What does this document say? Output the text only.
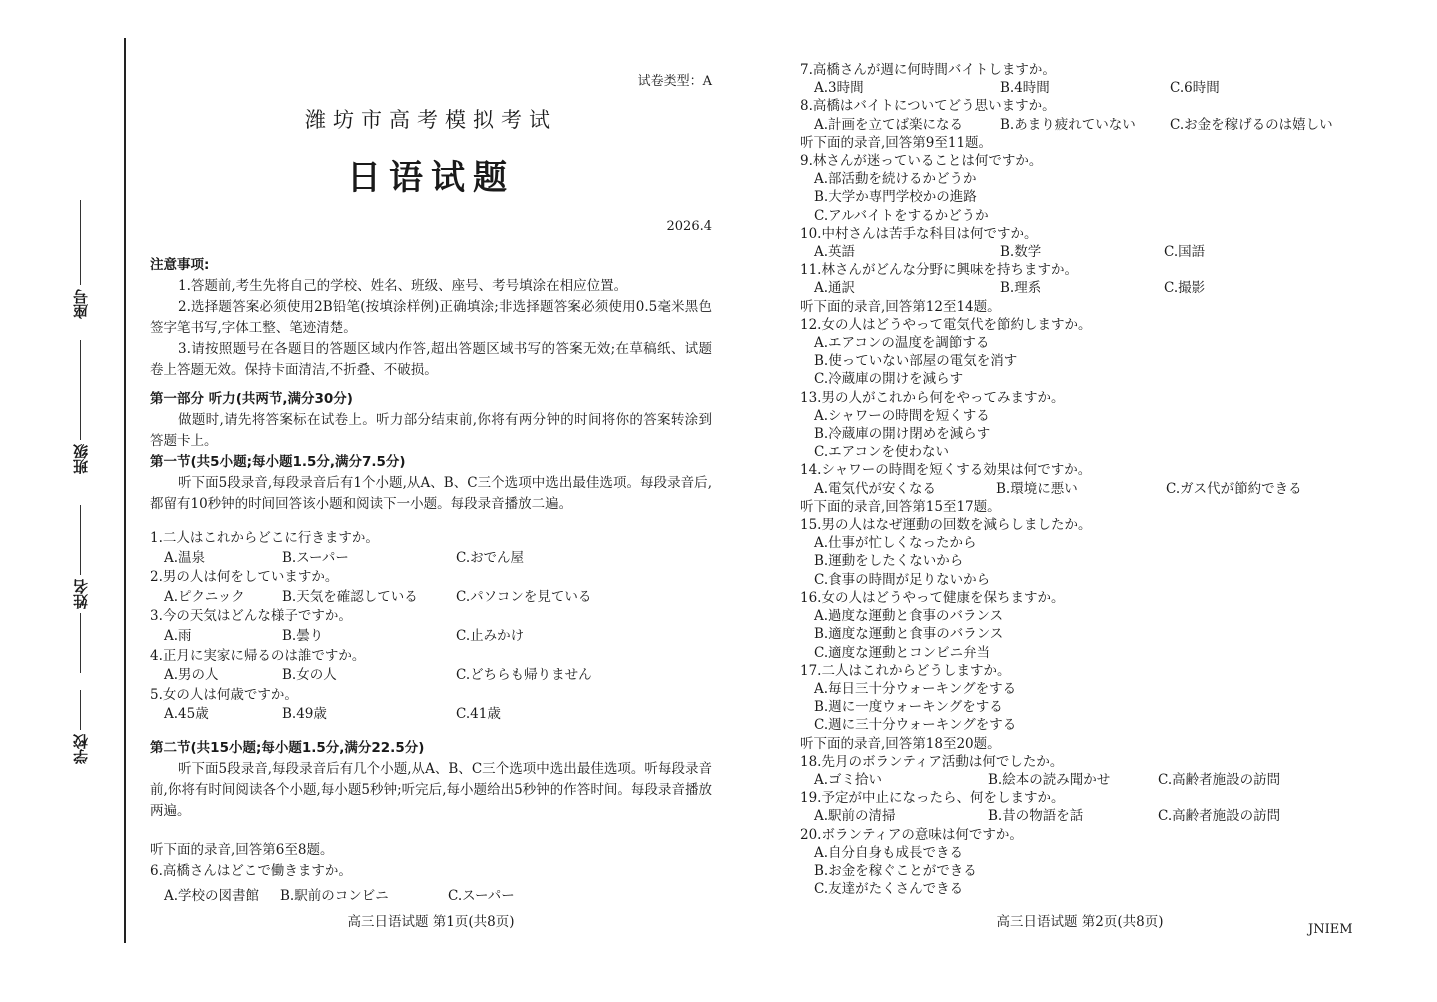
座号
班级
姓名
学校
试卷类型：A
潍坊市高考模拟考试
日语试题
2026.4
注意事项:
1.答题前,考生先将自己的学校、姓名、班级、座号、考号填涂在相应位置。
2.选择题答案必须使用2B铅笔(按填涂样例)正确填涂;非选择题答案必须使用0.5毫米黑色签字笔书写,字体工整、笔迹清楚。
3.请按照题号在各题目的答题区域内作答,超出答题区域书写的答案无效;在草稿纸、试题卷上答题无效。保持卡面清洁,不折叠、不破损。
第一部分 听力(共两节,满分30分)
做题时,请先将答案标在试卷上。听力部分结束前,你将有两分钟的时间将你的答案转涂到答题卡上。
第一节(共5小题;每小题1.5分,满分7.5分)
听下面5段录音,每段录音后有1个小题,从A、B、C三个选项中选出最佳选项。每段录音后,都留有10秒钟的时间回答该小题和阅读下一小题。每段录音播放二遍。
1.二人はこれからどこに行きますか。
A.温泉	B.スーパー	C.おでん屋
2.男の人は何をしていますか。
A.ピクニック	B.天気を確認している	C.パソコンを見ている
3.今の天気はどんな様子ですか。
A.雨	B.曇り	C.止みかけ
4.正月に実家に帰るのは誰ですか。
A.男の人	B.女の人	C.どちらも帰りません
5.女の人は何歳ですか。
A.45歳	B.49歳	C.41歳
第二节(共15小题;每小题1.5分,满分22.5分)
听下面5段录音,每段录音后有几个小题,从A、B、C三个选项中选出最佳选项。听每段录音前,你将有时间阅读各个小题,每小题5秒钟;听完后,每小题给出5秒钟的作答时间。每段录音播放两遍。
听下面的录音,回答第6至8题。
6.高橋さんはどこで働きますか。
A.学校の図書館	B.駅前のコンビニ	C.スーパー
高三日语试题 第1页(共8页)
7.高橋さんが週に何時間バイトしますか。
A.3時間	B.4時間	C.6時間
8.高橋はバイトについてどう思いますか。
A.計画を立てば楽になる	B.あまり疲れていない	C.お金を稼げるのは嬉しい
听下面的录音,回答第9至11题。
9.林さんが迷っていることは何ですか。
A.部活動を続けるかどうか
B.大学か専門学校かの進路
C.アルバイトをするかどうか
10.中村さんは苦手な科目は何ですか。
A.英語	B.数学	C.国語
11.林さんがどんな分野に興味を持ちますか。
A.通訳	B.理系	C.撮影
听下面的录音,回答第12至14题。
12.女の人はどうやって電気代を節約しますか。
A.エアコンの温度を調節する
B.使っていない部屋の電気を消す
C.冷蔵庫の開けを減らす
13.男の人がこれから何をやってみますか。
A.シャワーの時間を短くする
B.冷蔵庫の開け閉めを減らす
C.エアコンを使わない
14.シャワーの時間を短くする効果は何ですか。
A.電気代が安くなる	B.環境に悪い	C.ガス代が節約できる
听下面的录音,回答第15至17题。
15.男の人はなぜ運動の回数を減らしましたか。
A.仕事が忙しくなったから
B.運動をしたくないから
C.食事の時間が足りないから
16.女の人はどうやって健康を保ちますか。
A.過度な運動と食事のバランス
B.適度な運動と食事のバランス
C.適度な運動とコンビニ弁当
17.二人はこれからどうしますか。
A.毎日三十分ウォーキングをする
B.週に一度ウォーキングをする
C.週に三十分ウォーキングをする
听下面的录音,回答第18至20题。
18.先月のボランティア活動は何でしたか。
A.ゴミ拾い	B.絵本の読み聞かせ	C.高齢者施設の訪問
19.予定が中止になったら、何をしますか。
A.駅前の清掃	B.昔の物語を話	C.高齢者施設の訪問
20.ボランティアの意味は何ですか。
A.自分自身も成長できる
B.お金を稼ぐことができる
C.友達がたくさんできる
高三日语试题 第2页(共8页)	JNIEM
